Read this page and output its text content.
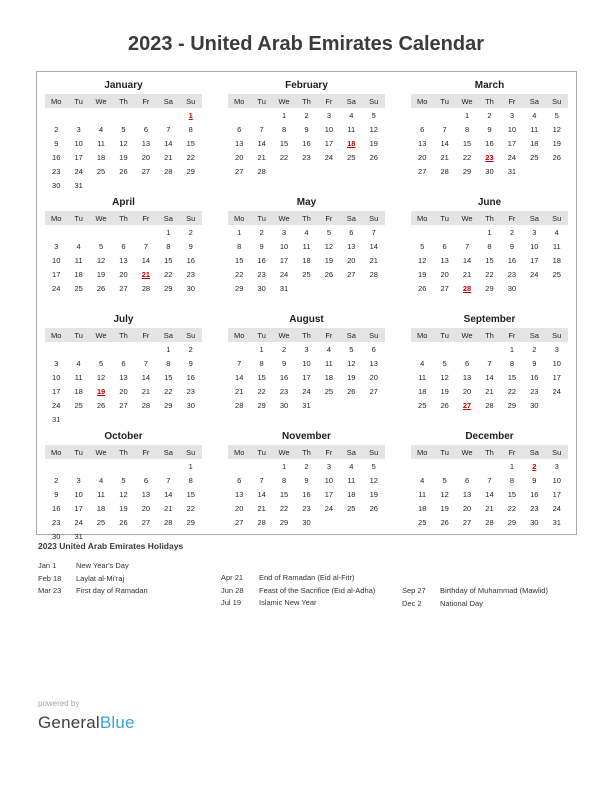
2023 - United Arab Emirates Calendar
January
Mo	Tu	We	Th	Fr	Sa	Su
						1
2	3	4	5	6	7	8
9	10	11	12	13	14	15
16	17	18	19	20	21	22
23	24	25	26	27	28	29
30	31					
February
Mo	Tu	We	Th	Fr	Sa	Su
		1	2	3	4	5
6	7	8	9	10	11	12
13	14	15	16	17	18	19
20	21	22	23	24	25	26
27	28					
March
Mo	Tu	We	Th	Fr	Sa	Su
		1	2	3	4	5
6	7	8	9	10	11	12
13	14	15	16	17	18	19
20	21	22	23	24	25	26
27	28	29	30	31		
April
Mo	Tu	We	Th	Fr	Sa	Su
					1	2
3	4	5	6	7	8	9
10	11	12	13	14	15	16
17	18	19	20	21	22	23
24	25	26	27	28	29	30
May
Mo	Tu	We	Th	Fr	Sa	Su
1	2	3	4	5	6	7
8	9	10	11	12	13	14
15	16	17	18	19	20	21
22	23	24	25	26	27	28
29	30	31				
June
Mo	Tu	We	Th	Fr	Sa	Su
			1	2	3	4
5	6	7	8	9	10	11
12	13	14	15	16	17	18
19	20	21	22	23	24	25
26	27	28	29	30		
July
Mo	Tu	We	Th	Fr	Sa	Su
					1	2
3	4	5	6	7	8	9
10	11	12	13	14	15	16
17	18	19	20	21	22	23
24	25	26	27	28	29	30
31						
August
Mo	Tu	We	Th	Fr	Sa	Su
	1	2	3	4	5	6
7	8	9	10	11	12	13
14	15	16	17	18	19	20
21	22	23	24	25	26	27
28	29	30	31			
September
Mo	Tu	We	Th	Fr	Sa	Su
				1	2	3
4	5	6	7	8	9	10
11	12	13	14	15	16	17
18	19	20	21	22	23	24
25	26	27	28	29	30	
October
Mo	Tu	We	Th	Fr	Sa	Su
						1
2	3	4	5	6	7	8
9	10	11	12	13	14	15
16	17	18	19	20	21	22
23	24	25	26	27	28	29
30	31					
November
Mo	Tu	We	Th	Fr	Sa	Su
		1	2	3	4	5
6	7	8	9	10	11	12
13	14	15	16	17	18	19
20	21	22	23	24	25	26
27	28	29	30			
December
Mo	Tu	We	Th	Fr	Sa	Su
				1	2	3
4	5	6	7	8	9	10
11	12	13	14	15	16	17
18	19	20	21	22	23	24
25	26	27	28	29	30	31
2023 United Arab Emirates Holidays
Jan 1	New Year's Day
Feb 18	Laylat al-Mi'raj
Mar 23	First day of Ramadan
Apr 21	End of Ramadan (Eid al-Fitr)
Jun 28	Feast of the Sacrifice (Eid al-Adha)
Jul 19	Islamic New Year
Sep 27	Birthday of Muhammad (Mawlid)
Dec 2	National Day
powered by
GeneralBlue
